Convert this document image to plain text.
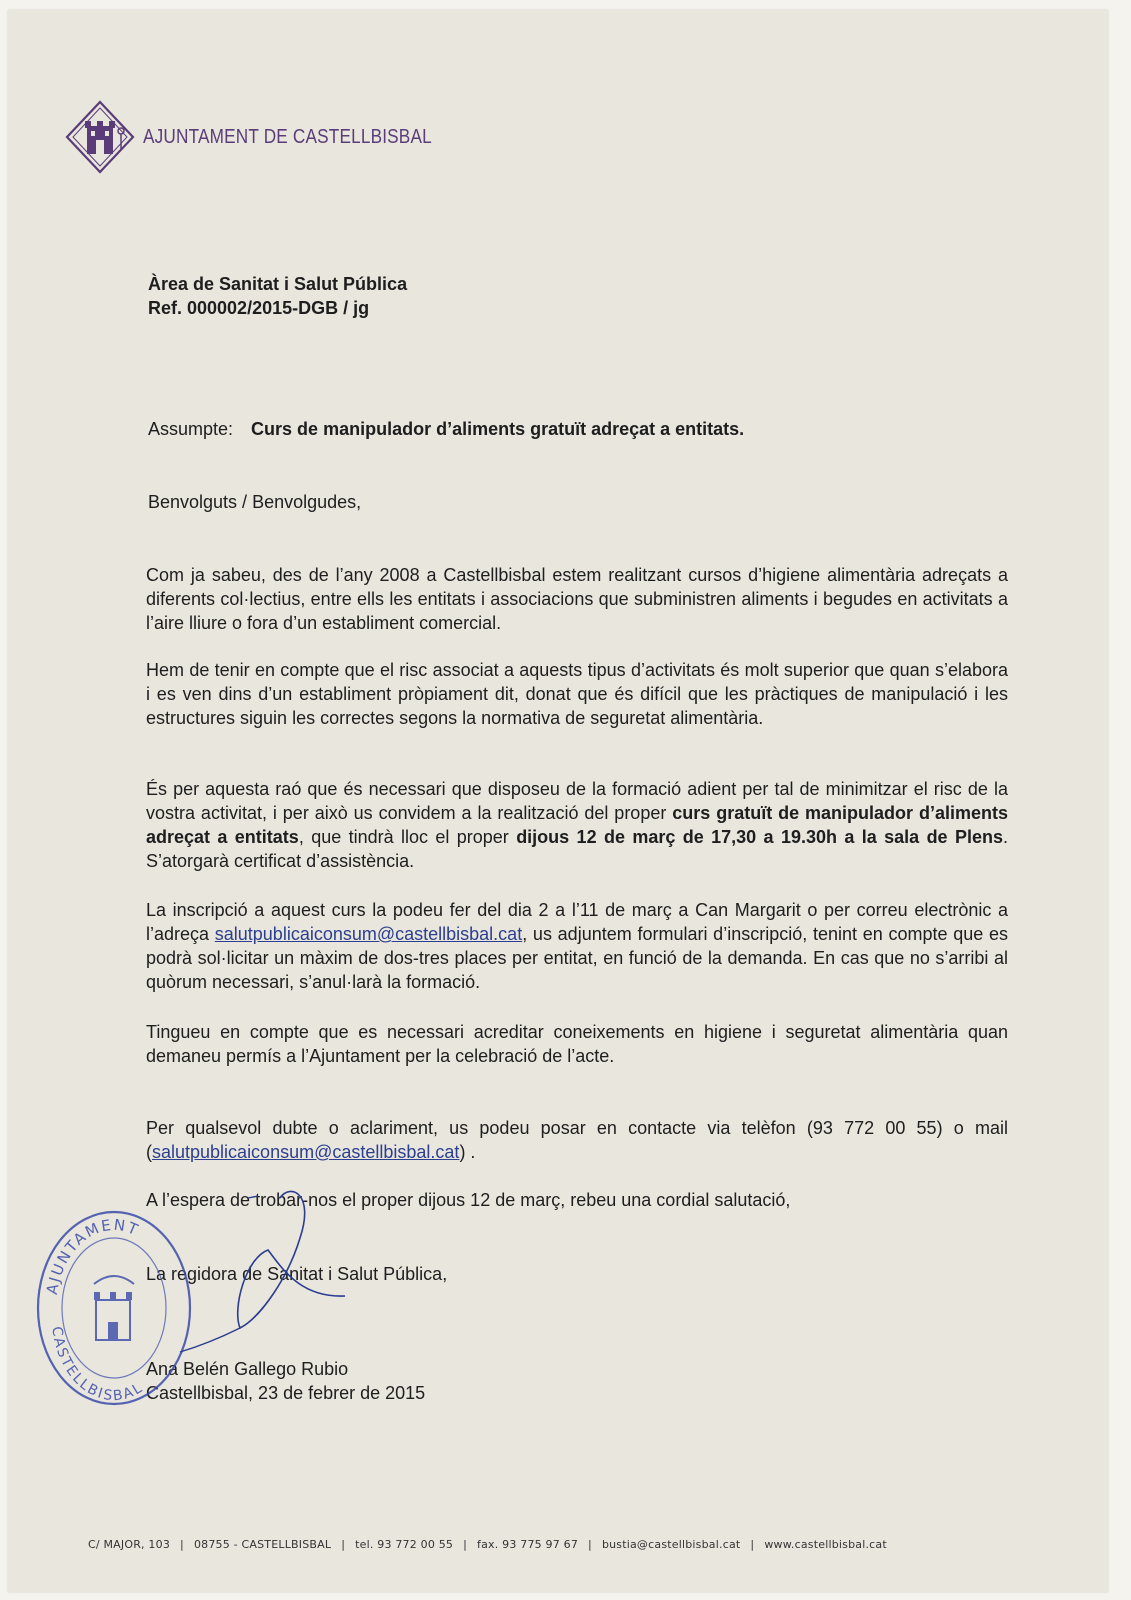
AJUNTAMENT DE CASTELLBISBAL
Àrea de Sanitat i Salut Pública
Ref. 000002/2015-DGB / jg
Assumpte: Curs de manipulador d’aliments gratuït adreçat a entitats.
Benvolguts / Benvolgudes,

Com ja sabeu, des de l’any 2008 a Castellbisbal estem realitzant cursos d’higiene alimentària adreçats a diferents col·lectius, entre ells les entitats i associacions que subministren aliments i begudes en activitats a l’aire lliure o fora d’un establiment comercial.

Hem de tenir en compte que el risc associat a aquests tipus d’activitats és molt superior que quan s’elabora i es ven dins d’un establiment pròpiament dit, donat que és difícil que les pràctiques de manipulació i les estructures siguin les correctes segons la normativa de seguretat alimentària.

És per aquesta raó que és necessari que disposeu de la formació adient per tal de minimitzar el risc de la vostra activitat, i per això us convidem a la realització del proper curs gratuït de manipulador d’aliments adreçat a entitats, que tindrà lloc el proper dijous 12 de març de 17,30 a 19.30h a la sala de Plens. S’atorgarà certificat d’assistència.

La inscripció a aquest curs la podeu fer del dia 2 a l’11 de març a Can Margarit o per correu electrònic a l’adreça salutpublicaiconsum@castellbisbal.cat, us adjuntem formulari d’inscripció, tenint en compte que es podrà sol·licitar un màxim de dos-tres places per entitat, en funció de la demanda. En cas que no s’arribi al quòrum necessari, s’anul·larà la formació.

Tingueu en compte que es necessari acreditar coneixements en higiene i seguretat alimentària quan demaneu permís a l’Ajuntament per la celebració de l’acte.

Per qualsevol dubte o aclariment, us podeu posar en contacte via telèfon (93 772 00 55) o mail (salutpublicaiconsum@castellbisbal.cat) .

A l’espera de trobar-nos el proper dijous 12 de març, rebeu una cordial salutació,
La regidora de Sanitat i Salut Pública,
Ana Belén Gallego Rubio
Castellbisbal, 23 de febrer de 2015
AJUNTAMENT
CASTELLBISBAL
C/ MAJOR, 103 | 08755 - CASTELLBISBAL | tel. 93 772 00 55 | fax. 93 775 97 67 | bustia@castellbisbal.cat | www.castellbisbal.cat
